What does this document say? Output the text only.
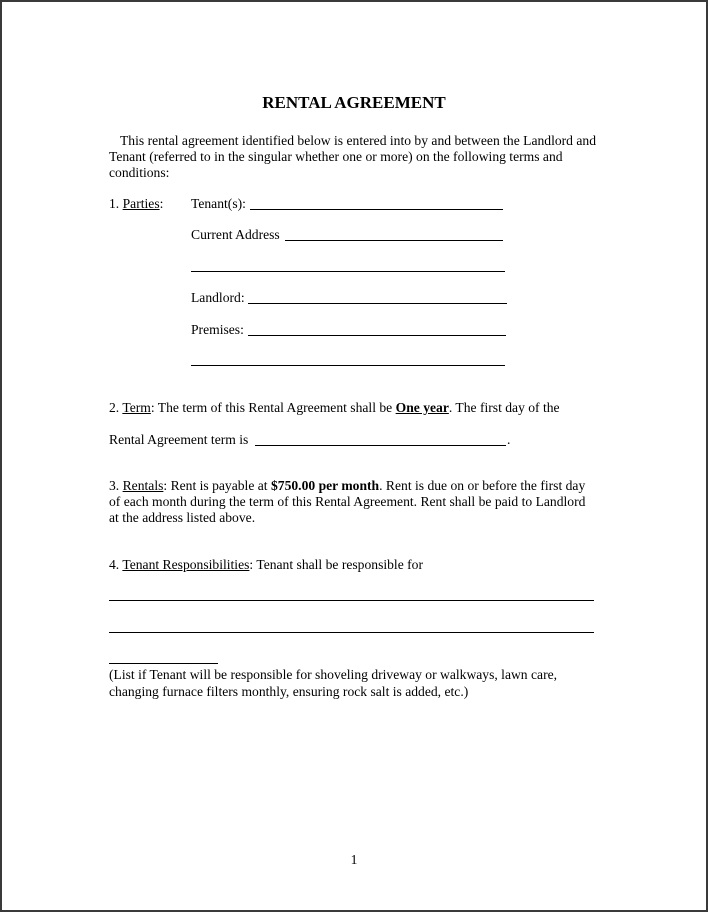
RENTAL AGREEMENT
This rental agreement identified below is entered into by and between the Landlord and
Tenant (referred to in the singular whether one or more) on the following terms and
conditions:
1. Parties: Tenant(s):
Current Address
Landlord:
Premises:
2. Term: The term of this Rental Agreement shall be One year. The first day of the
Rental Agreement term is	.
3. Rentals: Rent is payable at $750.00 per month. Rent is due on or before the first day
of each month during the term of this Rental Agreement. Rent shall be paid to Landlord
at the address listed above.
4. Tenant Responsibilities: Tenant shall be responsible for
(List if Tenant will be responsible for shoveling driveway or walkways, lawn care,
changing furnace filters monthly, ensuring rock salt is added, etc.)
1
